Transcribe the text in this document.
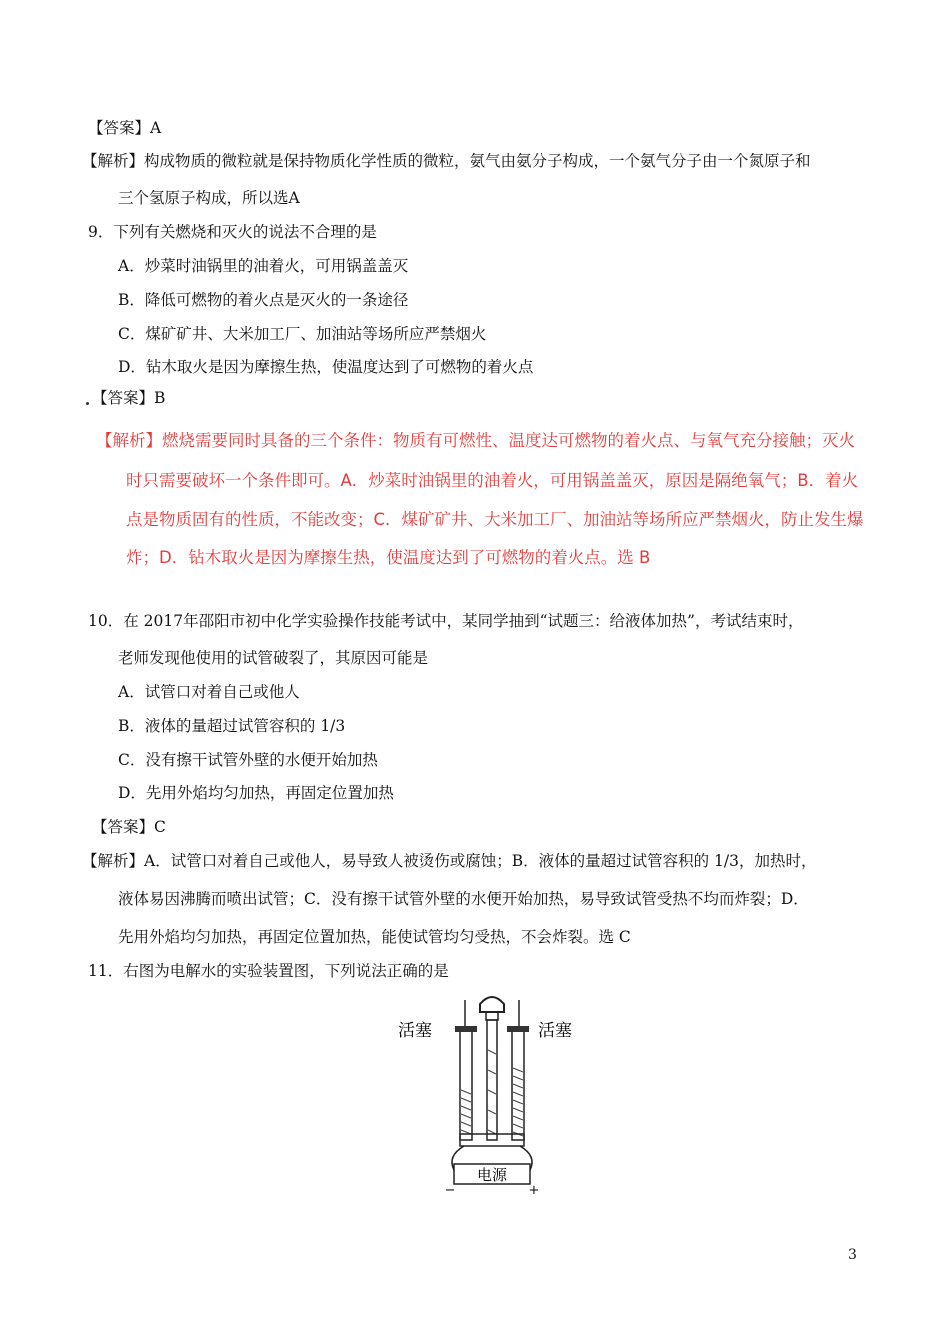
【答案】A
【解析】构成物质的微粒就是保持物质化学性质的微粒，氨气由氨分子构成，一个氨气分子由一个氮原子和
三个氢原子构成，所以选A
9．下列有关燃烧和灭火的说法不合理的是
A．炒菜时油锅里的油着火，可用锅盖盖灭
B．降低可燃物的着火点是灭火的一条途径
C．煤矿矿井、大米加工厂、加油站等场所应严禁烟火
D．钻木取火是因为摩擦生热，使温度达到了可燃物的着火点
【答案】B
【解析】燃烧需要同时具备的三个条件：物质有可燃性、温度达可燃物的着火点、与氧气充分接触；灭火
时只需要破坏一个条件即可。A．炒菜时油锅里的油着火，可用锅盖盖灭，原因是隔绝氧气；B．着火
点是物质固有的性质，不能改变；C．煤矿矿井、大米加工厂、加油站等场所应严禁烟火，防止发生爆
炸；D．钻木取火是因为摩擦生热，使温度达到了可燃物的着火点。选 B
10．在 2017年邵阳市初中化学实验操作技能考试中，某同学抽到“试题三：给液体加热”，考试结束时，
老师发现他使用的试管破裂了，其原因可能是
A．试管口对着自己或他人
B．液体的量超过试管容积的 1/3
C．没有擦干试管外壁的水便开始加热
D．先用外焰均匀加热，再固定位置加热
【答案】C
【解析】A．试管口对着自己或他人，易导致人被烫伤或腐蚀；B．液体的量超过试管容积的 1/3，加热时，
液体易因沸腾而喷出试管；C．没有擦干试管外壁的水便开始加热，易导致试管受热不均而炸裂；D．
先用外焰均匀加热，再固定位置加热，能使试管均匀受热，不会炸裂。选 C
11．右图为电解水的实验装置图，下列说法正确的是
电源
−	+
活塞	活塞
3
